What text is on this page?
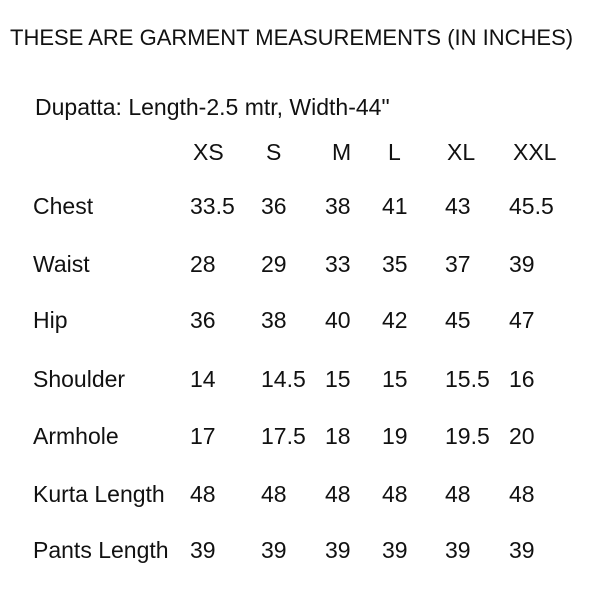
THESE ARE GARMENT MEASUREMENTS (IN INCHES)
Dupatta: Length-2.5 mtr, Width-44"
XS S M L XL XXL
Chest	33.5 36 38 41 43 45.5
Waist	28 29 33 35 37 39
Hip	36 38 40 42 45 47
Shoulder	14 14.5 15 15 15.5 16
Armhole	17 17.5 18 19 19.5 20
Kurta Length 48 48 48 48 48 48
Pants Length 39 39 39 39 39 39
